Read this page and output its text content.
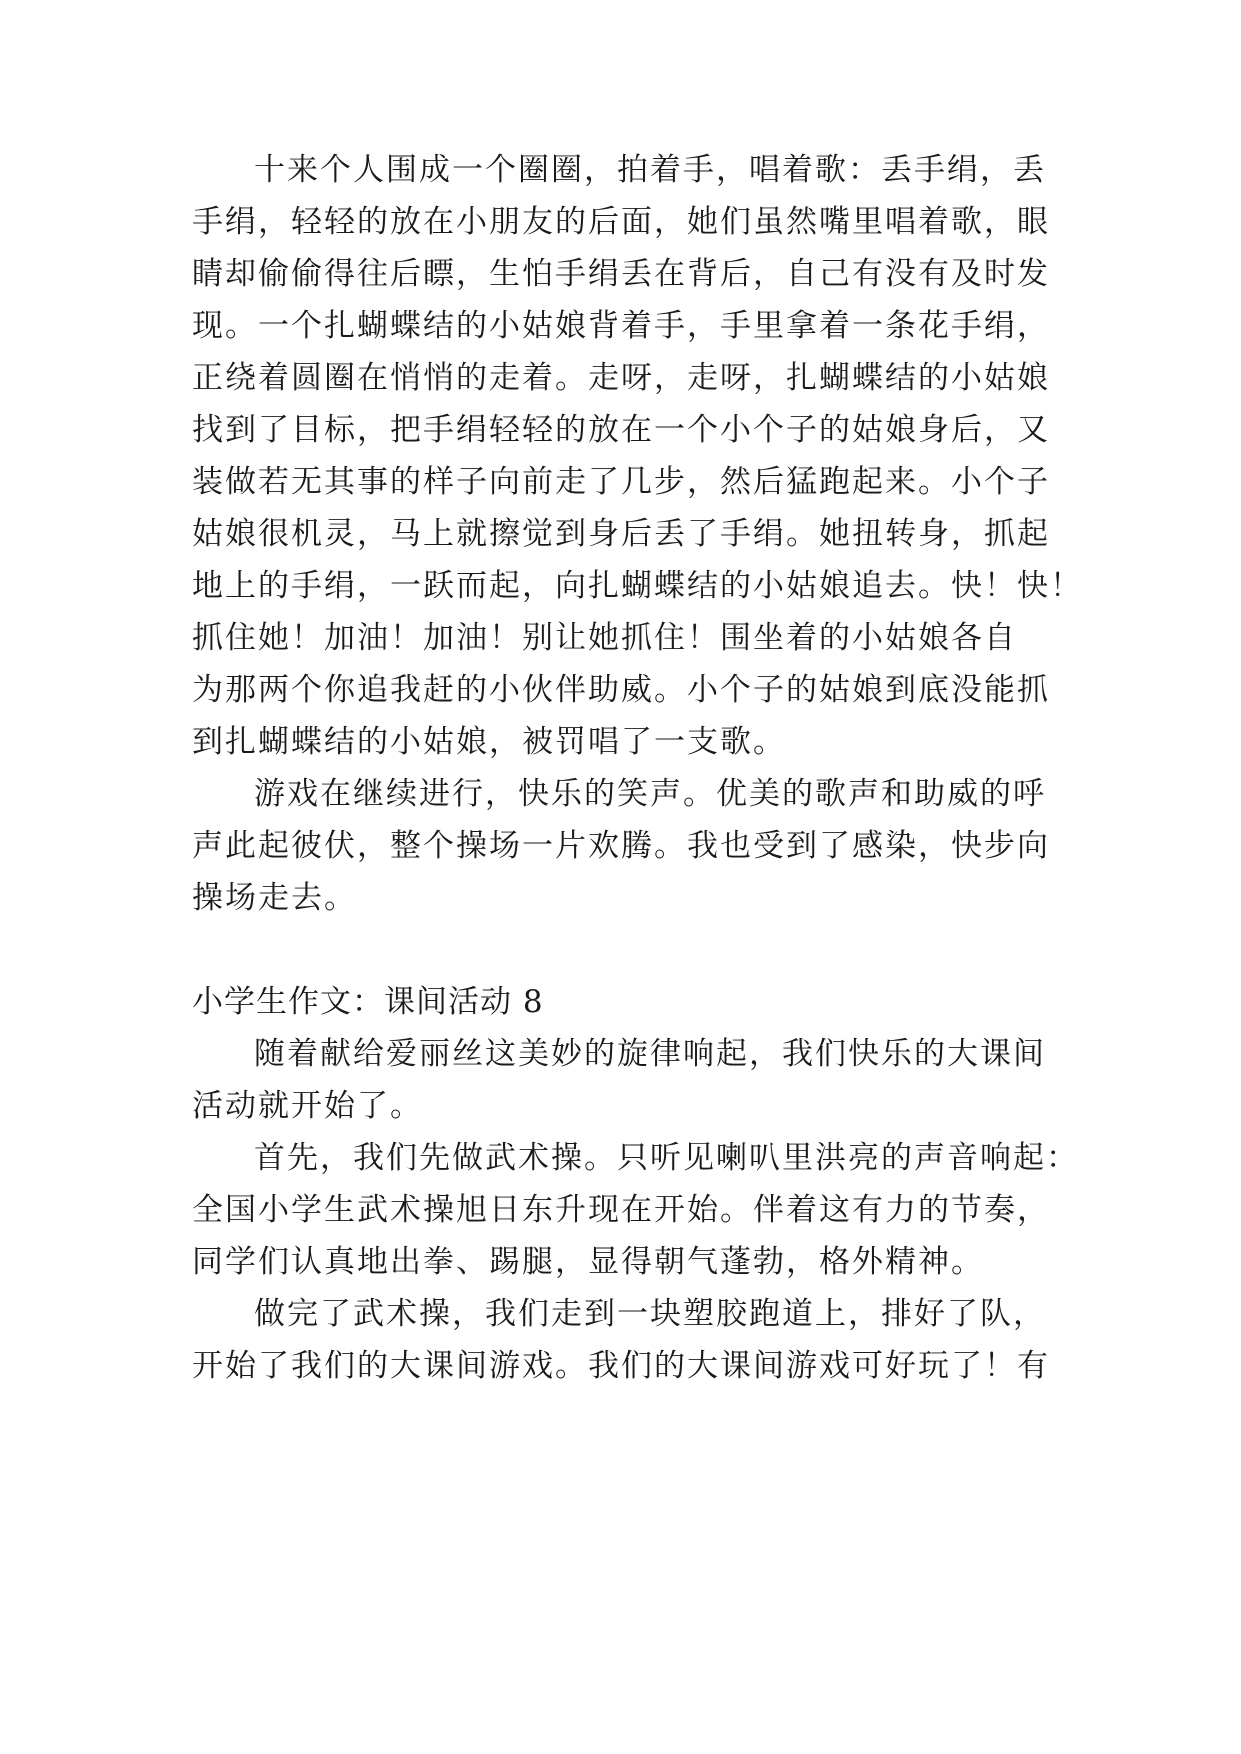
十来个人围成一个圈圈，拍着手，唱着歌：丢手绢，丢
手绢，轻轻的放在小朋友的后面，她们虽然嘴里唱着歌，眼
睛却偷偷得往后瞟，生怕手绢丢在背后，自己有没有及时发
现。一个扎蝴蝶结的小姑娘背着手，手里拿着一条花手绢，
正绕着圆圈在悄悄的走着。走呀，走呀，扎蝴蝶结的小姑娘
找到了目标，把手绢轻轻的放在一个小个子的姑娘身后，又
装做若无其事的样子向前走了几步，然后猛跑起来。小个子
姑娘很机灵，马上就擦觉到身后丢了手绢。她扭转身，抓起
地上的手绢，一跃而起，向扎蝴蝶结的小姑娘追去。快！快！
抓住她！加油！加油！别让她抓住！围坐着的小姑娘各自
为那两个你追我赶的小伙伴助威。小个子的姑娘到底没能抓
到扎蝴蝶结的小姑娘，被罚唱了一支歌。
游戏在继续进行，快乐的笑声。优美的歌声和助威的呼
声此起彼伏，整个操场一片欢腾。我也受到了感染，快步向
操场走去。
小学生作文：课间活动 8
随着献给爱丽丝这美妙的旋律响起，我们快乐的大课间
活动就开始了。
首先，我们先做武术操。只听见喇叭里洪亮的声音响起：
全国小学生武术操旭日东升现在开始。伴着这有力的节奏，
同学们认真地出拳、踢腿，显得朝气蓬勃，格外精神。
做完了武术操，我们走到一块塑胶跑道上，排好了队，
开始了我们的大课间游戏。我们的大课间游戏可好玩了！有
